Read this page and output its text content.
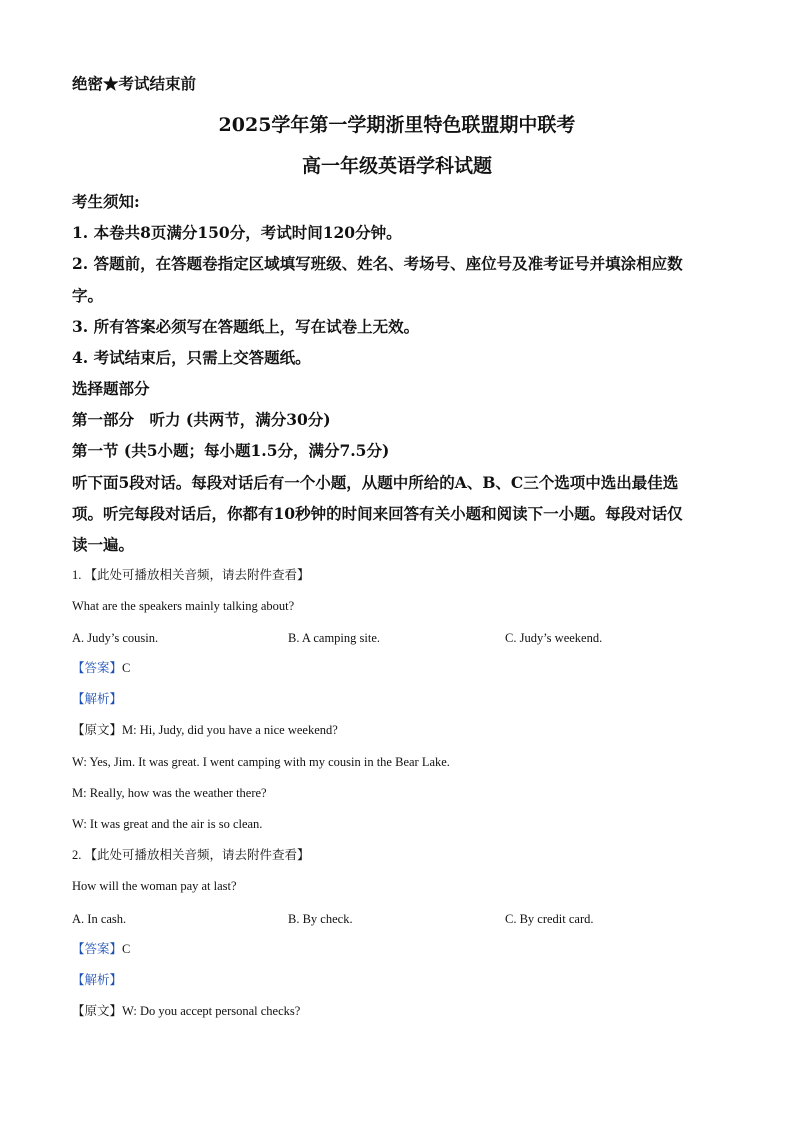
绝密★考试结束前
2025学年第一学期浙里特色联盟期中联考
高一年级英语学科试题
考生须知:
1. 本卷共8页满分150分，考试时间120分钟。
2. 答题前，在答题卷指定区域填写班级、姓名、考场号、座位号及准考证号并填涂相应数
字。
3. 所有答案必须写在答题纸上，写在试卷上无效。
4. 考试结束后，只需上交答题纸。
选择题部分
第一部分　听力 (共两节，满分30分)
第一节 (共5小题；每小题1.5分，满分7.5分)
听下面5段对话。每段对话后有一个小题，从题中所给的A、B、C三个选项中选出最佳选
项。听完每段对话后，你都有10秒钟的时间来回答有关小题和阅读下一小题。每段对话仅
读一遍。
1. 【此处可播放相关音频，请去附件查看】
What are the speakers mainly talking about?
A. Judy’s cousin.	B. A camping site.	C. Judy’s weekend.
【答案】C
【解析】
【原文】M: Hi, Judy, did you have a nice weekend?
W: Yes, Jim. It was great. I went camping with my cousin in the Bear Lake.
M: Really, how was the weather there?
W: It was great and the air is so clean.
2. 【此处可播放相关音频，请去附件查看】
How will the woman pay at last?
A. In cash.	B. By check.	C. By credit card.
【答案】C
【解析】
【原文】W: Do you accept personal checks?
